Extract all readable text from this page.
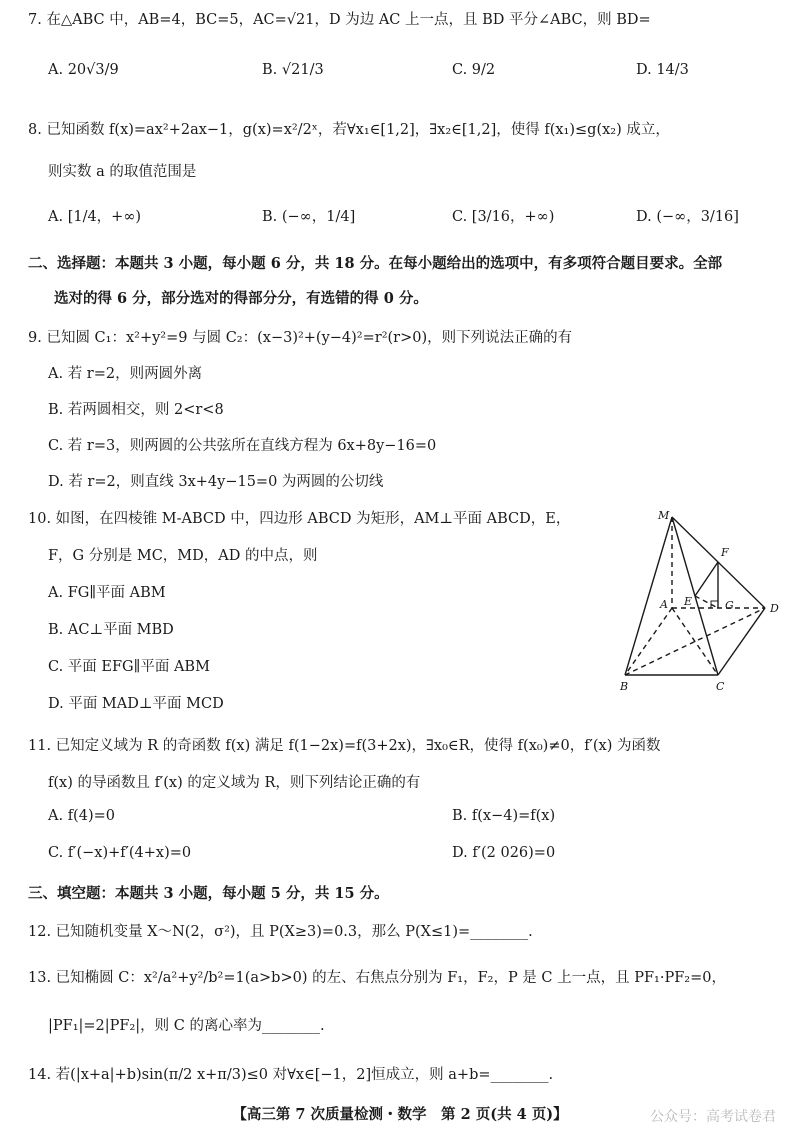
7. 在△ABC 中，AB=4，BC=5，AC=√21，D 为边 AC 上一点，且 BD 平分∠ABC，则 BD=
A. 20√3/9	B. √21/3	C. 9/2	D. 14/3
8. 已知函数 f(x)=ax²+2ax−1，g(x)=x²/2ˣ，若∀x₁∈[1,2]，∃x₂∈[1,2]，使得 f(x₁)≤g(x₂) 成立，
则实数 a 的取值范围是
A. [1/4，+∞)	B. (−∞，1/4]	C. [3/16，+∞)	D. (−∞，3/16]
二、选择题：本题共 3 小题，每小题 6 分，共 18 分。在每小题给出的选项中，有多项符合题目要求。全部
选对的得 6 分，部分选对的得部分分，有选错的得 0 分。
9. 已知圆 C₁：x²+y²=9 与圆 C₂：(x−3)²+(y−4)²=r²(r>0)，则下列说法正确的有
A. 若 r=2，则两圆外离
B. 若两圆相交，则 2<r<8
C. 若 r=3，则两圆的公共弦所在直线方程为 6x+8y−16=0
D. 若 r=2，则直线 3x+4y−15=0 为两圆的公切线
10. 如图，在四棱锥 M-ABCD 中，四边形 ABCD 为矩形，AM⊥平面 ABCD，E，
F，G 分别是 MC，MD，AD 的中点，则
A. FG∥平面 ABM
B. AC⊥平面 MBD
C. 平面 EFG∥平面 ABM
D. 平面 MAD⊥平面 MCD
M
F
A E	G	D
B	C
11. 已知定义域为 R 的奇函数 f(x) 满足 f(1−2x)=f(3+2x)，∃x₀∈R，使得 f(x₀)≠0，f′(x) 为函数
f(x) 的导函数且 f′(x) 的定义域为 R，则下列结论正确的有
A. f(4)=0	B. f(x−4)=f(x)
C. f′(−x)+f′(4+x)=0	D. f′(2 026)=0
三、填空题：本题共 3 小题，每小题 5 分，共 15 分。
12. 已知随机变量 X～N(2，σ²)，且 P(X≥3)=0.3，那么 P(X≤1)=________.
13. 已知椭圆 C：x²/a²+y²/b²=1(a>b>0) 的左、右焦点分别为 F₁，F₂，P 是 C 上一点，且 PF₁·PF₂=0，
|PF₁|=2|PF₂|，则 C 的离心率为________.
14. 若(|x+a|+b)sin(π/2 x+π/3)≤0 对∀x∈[−1，2]恒成立，则 a+b=________.
【高三第 7 次质量检测・数学　第 2 页(共 4 页)】	公众号：高考试卷君
